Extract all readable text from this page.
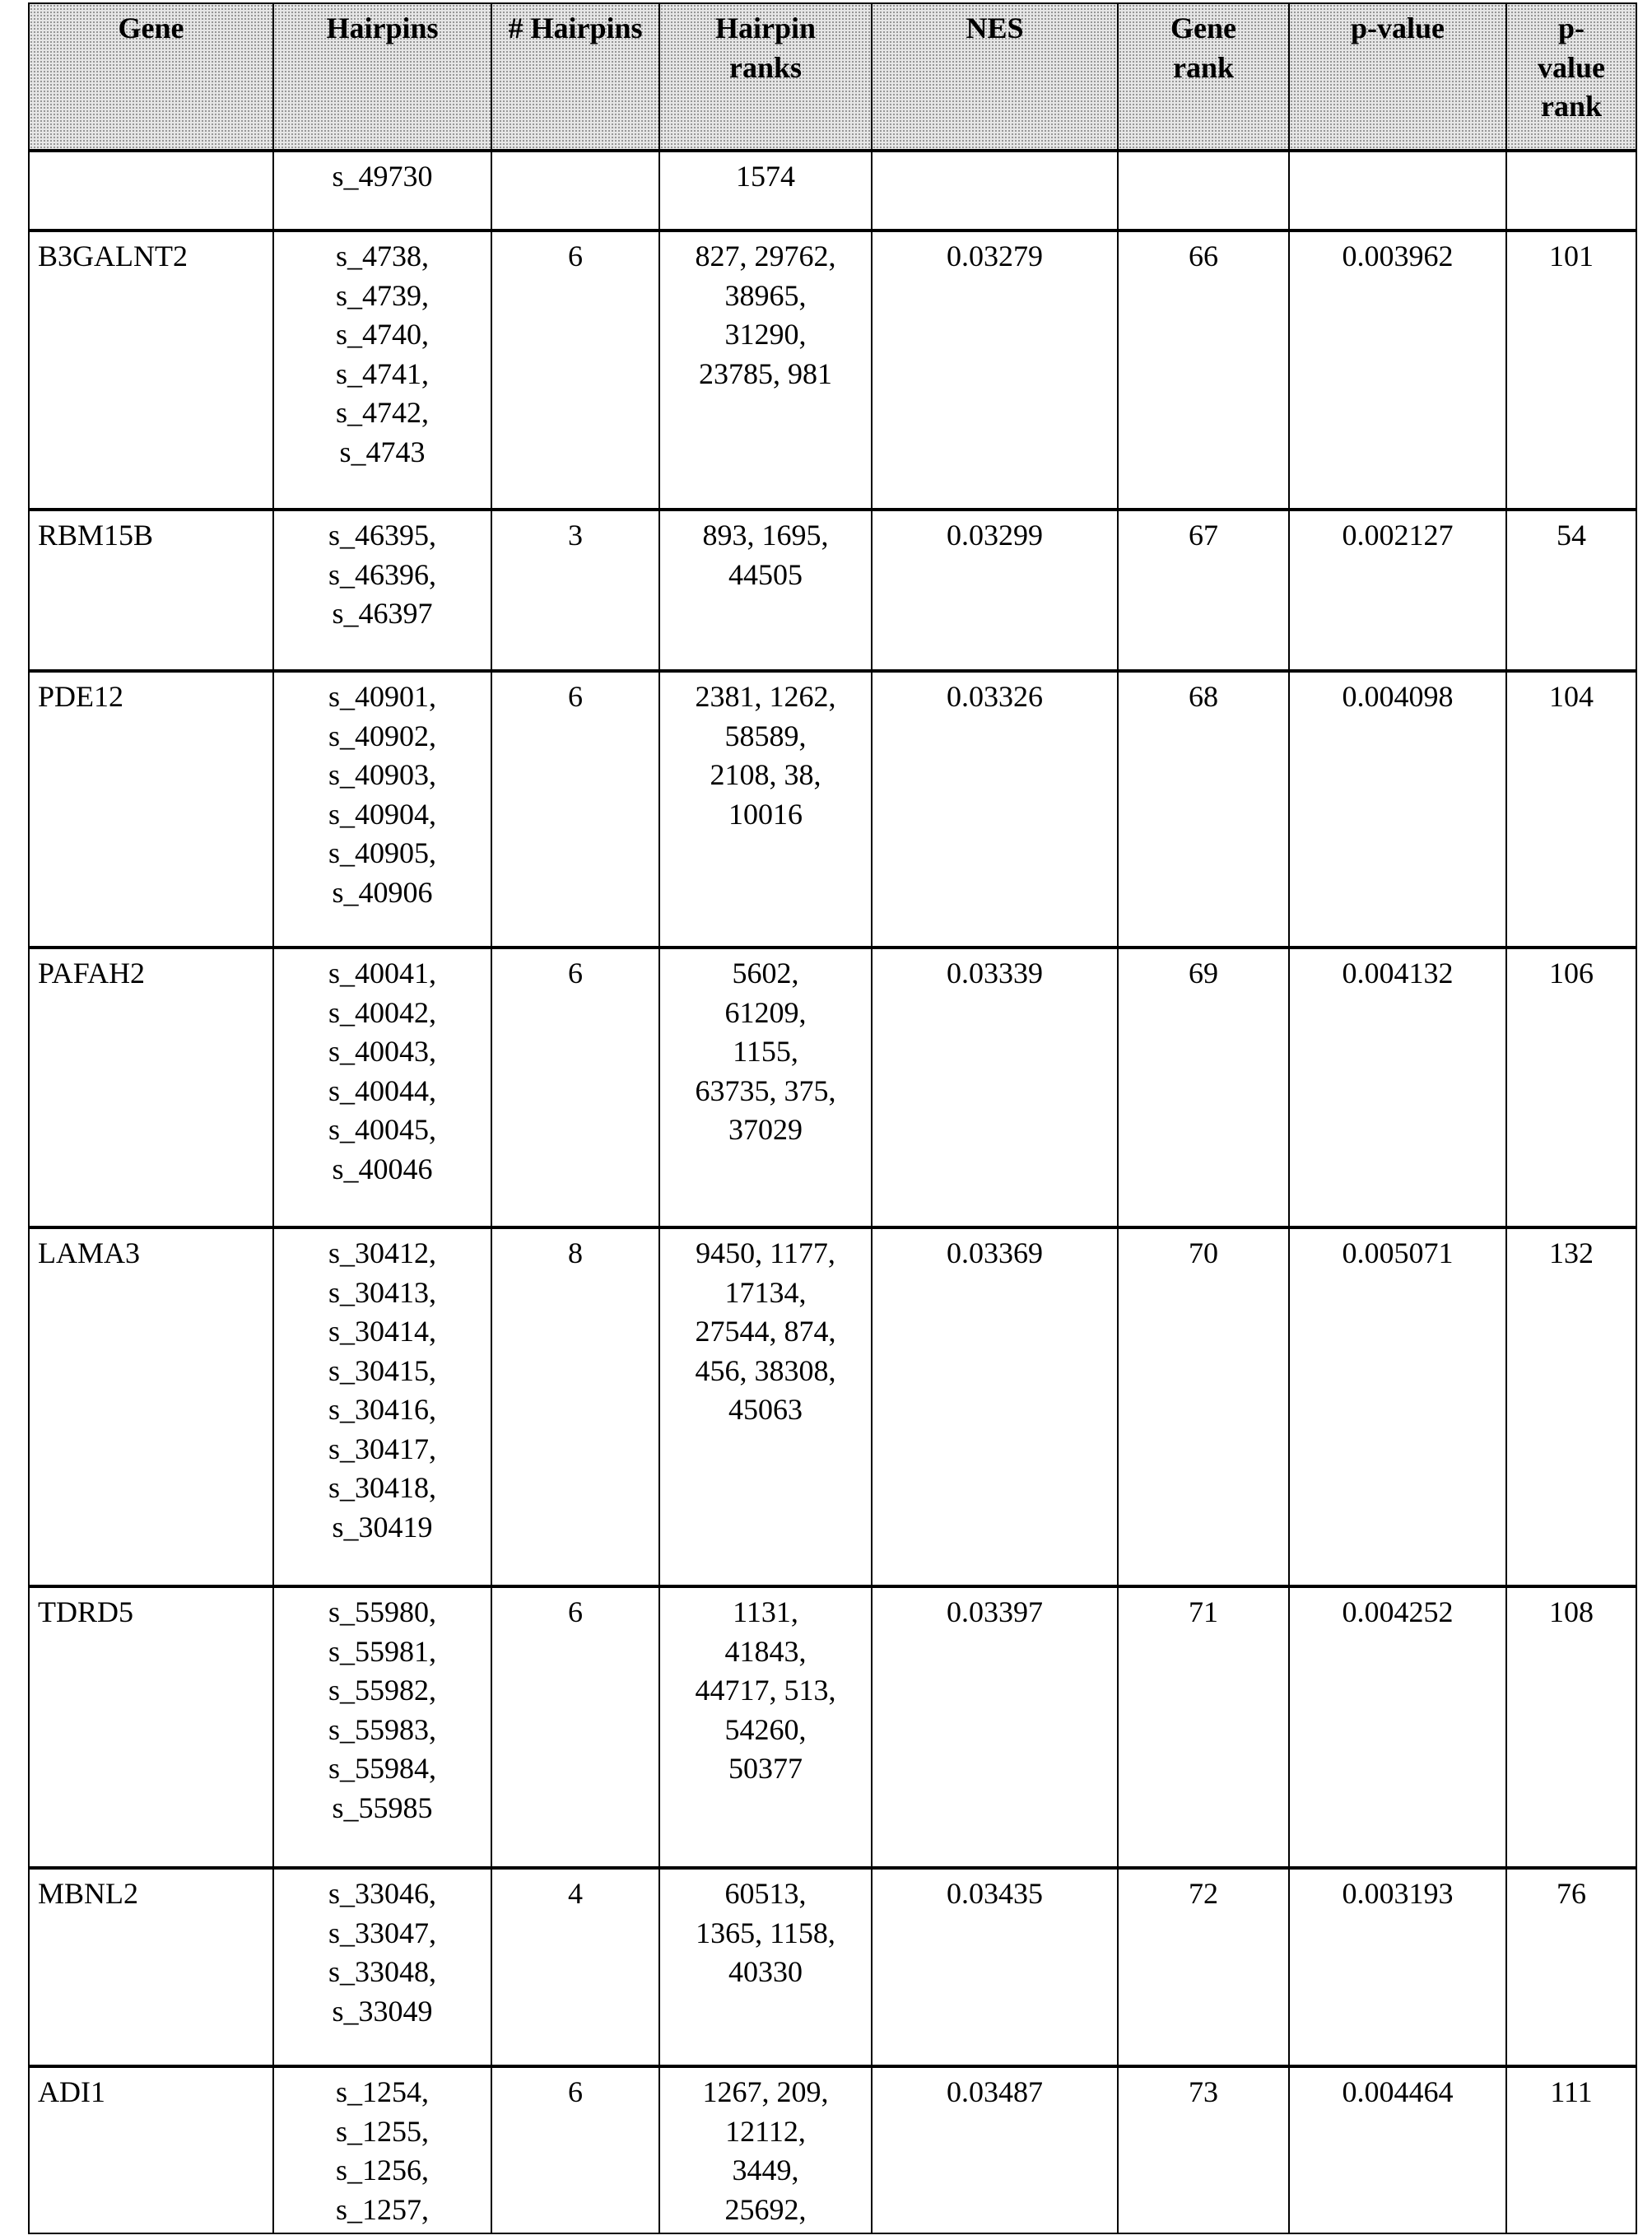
Gene	Hairpins	# Hairpins	Hairpin
ranks

NES	Gene
rank

p-value	p-
value
rank

s_49730		1574

B3GALNT2	s_4738,
s_4739,
s_4740,
s_4741,
s_4742,
s_4743
	6	827, 29762,
38965,
31290,
23785, 981
	0.03279	66	0.003962	101
RBM15B	s_46395,
s_46396,
s_46397
	3	893, 1695,
44505
	0.03299	67	0.002127	54
PDE12	s_40901,
s_40902,
s_40903,
s_40904,
s_40905,
s_40906
	6	2381, 1262,
58589,
2108, 38,
10016
	0.03326	68	0.004098	104
PAFAH2	s_40041,
s_40042,
s_40043,
s_40044,
s_40045,
s_40046
	6	5602,
61209,
1155,
63735, 375,
37029
	0.03339	69	0.004132	106
LAMA3	s_30412,
s_30413,
s_30414,
s_30415,
s_30416,
s_30417,
s_30418,
s_30419
	8	9450, 1177,
17134,
27544, 874,
456, 38308,
45063
	0.03369	70	0.005071	132
TDRD5	s_55980,
s_55981,
s_55982,
s_55983,
s_55984,
s_55985
	6	1131,
41843,
44717, 513,
54260,
50377
	0.03397	71	0.004252	108
MBNL2	s_33046,
s_33047,
s_33048,
s_33049
	4	60513,
1365, 1158,
40330
	0.03435	72	0.003193	76
ADI1	s_1254,
s_1255,
s_1256,
s_1257,
	6	1267, 209,
12112,
3449,
25692,
	0.03487	73	0.004464	111
